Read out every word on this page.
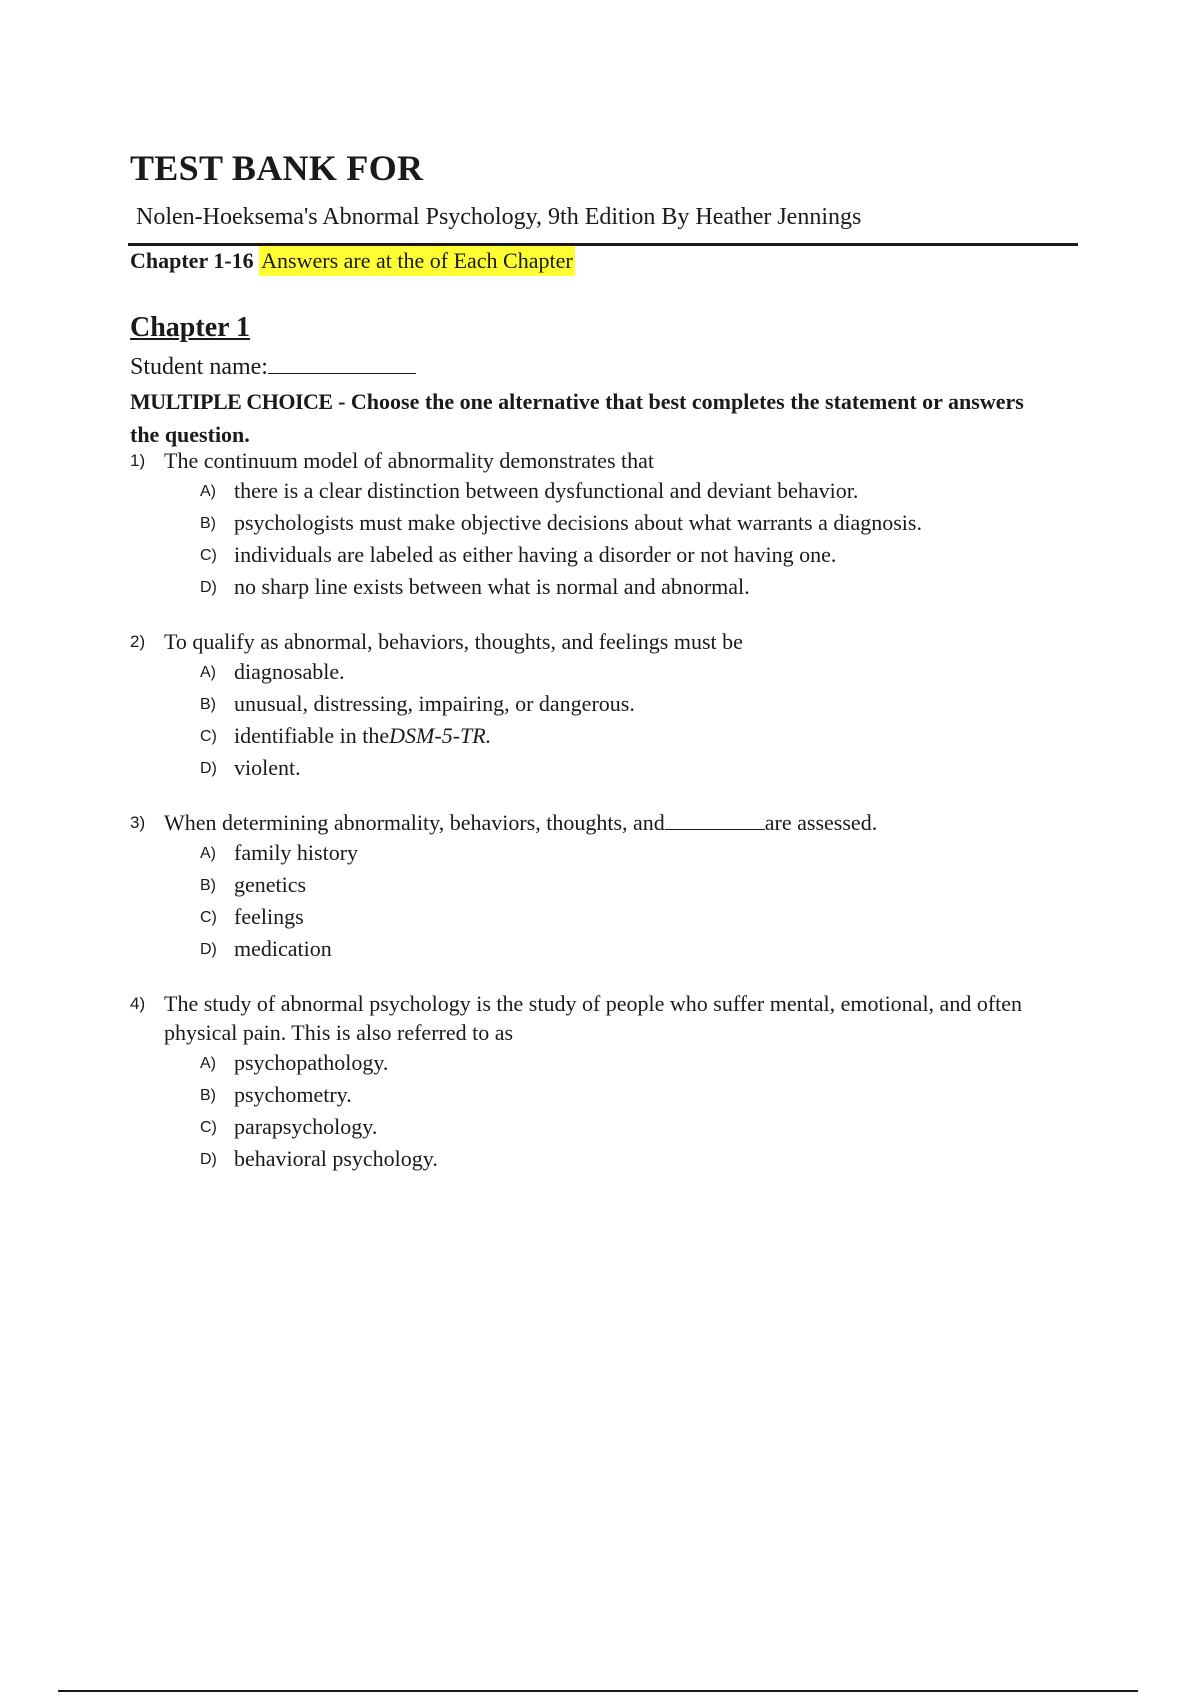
TEST BANK FOR
Nolen-Hoeksema's Abnormal Psychology, 9th Edition By Heather Jennings
Chapter 1-16 Answers are at the of Each Chapter
Chapter 1
Student name:
MULTIPLE CHOICE - Choose the one alternative that best completes the statement or answers the question.
1) The continuum model of abnormality demonstrates that
A) there is a clear distinction between dysfunctional and deviant behavior.
B) psychologists must make objective decisions about what warrants a diagnosis.
C) individuals are labeled as either having a disorder or not having one.
D) no sharp line exists between what is normal and abnormal.
2) To qualify as abnormal, behaviors, thoughts, and feelings must be
A) diagnosable.
B) unusual, distressing, impairing, or dangerous.
C) identifiable in theDSM-5-TR.
D) violent.
3) When determining abnormality, behaviors, thoughts, and	are assessed.
A) family history
B) genetics
C) feelings
D) medication
4) The study of abnormal psychology is the study of people who suffer mental, emotional, and often physical pain. This is also referred to as
A) psychopathology.
B) psychometry.
C) parapsychology.
D) behavioral psychology.
